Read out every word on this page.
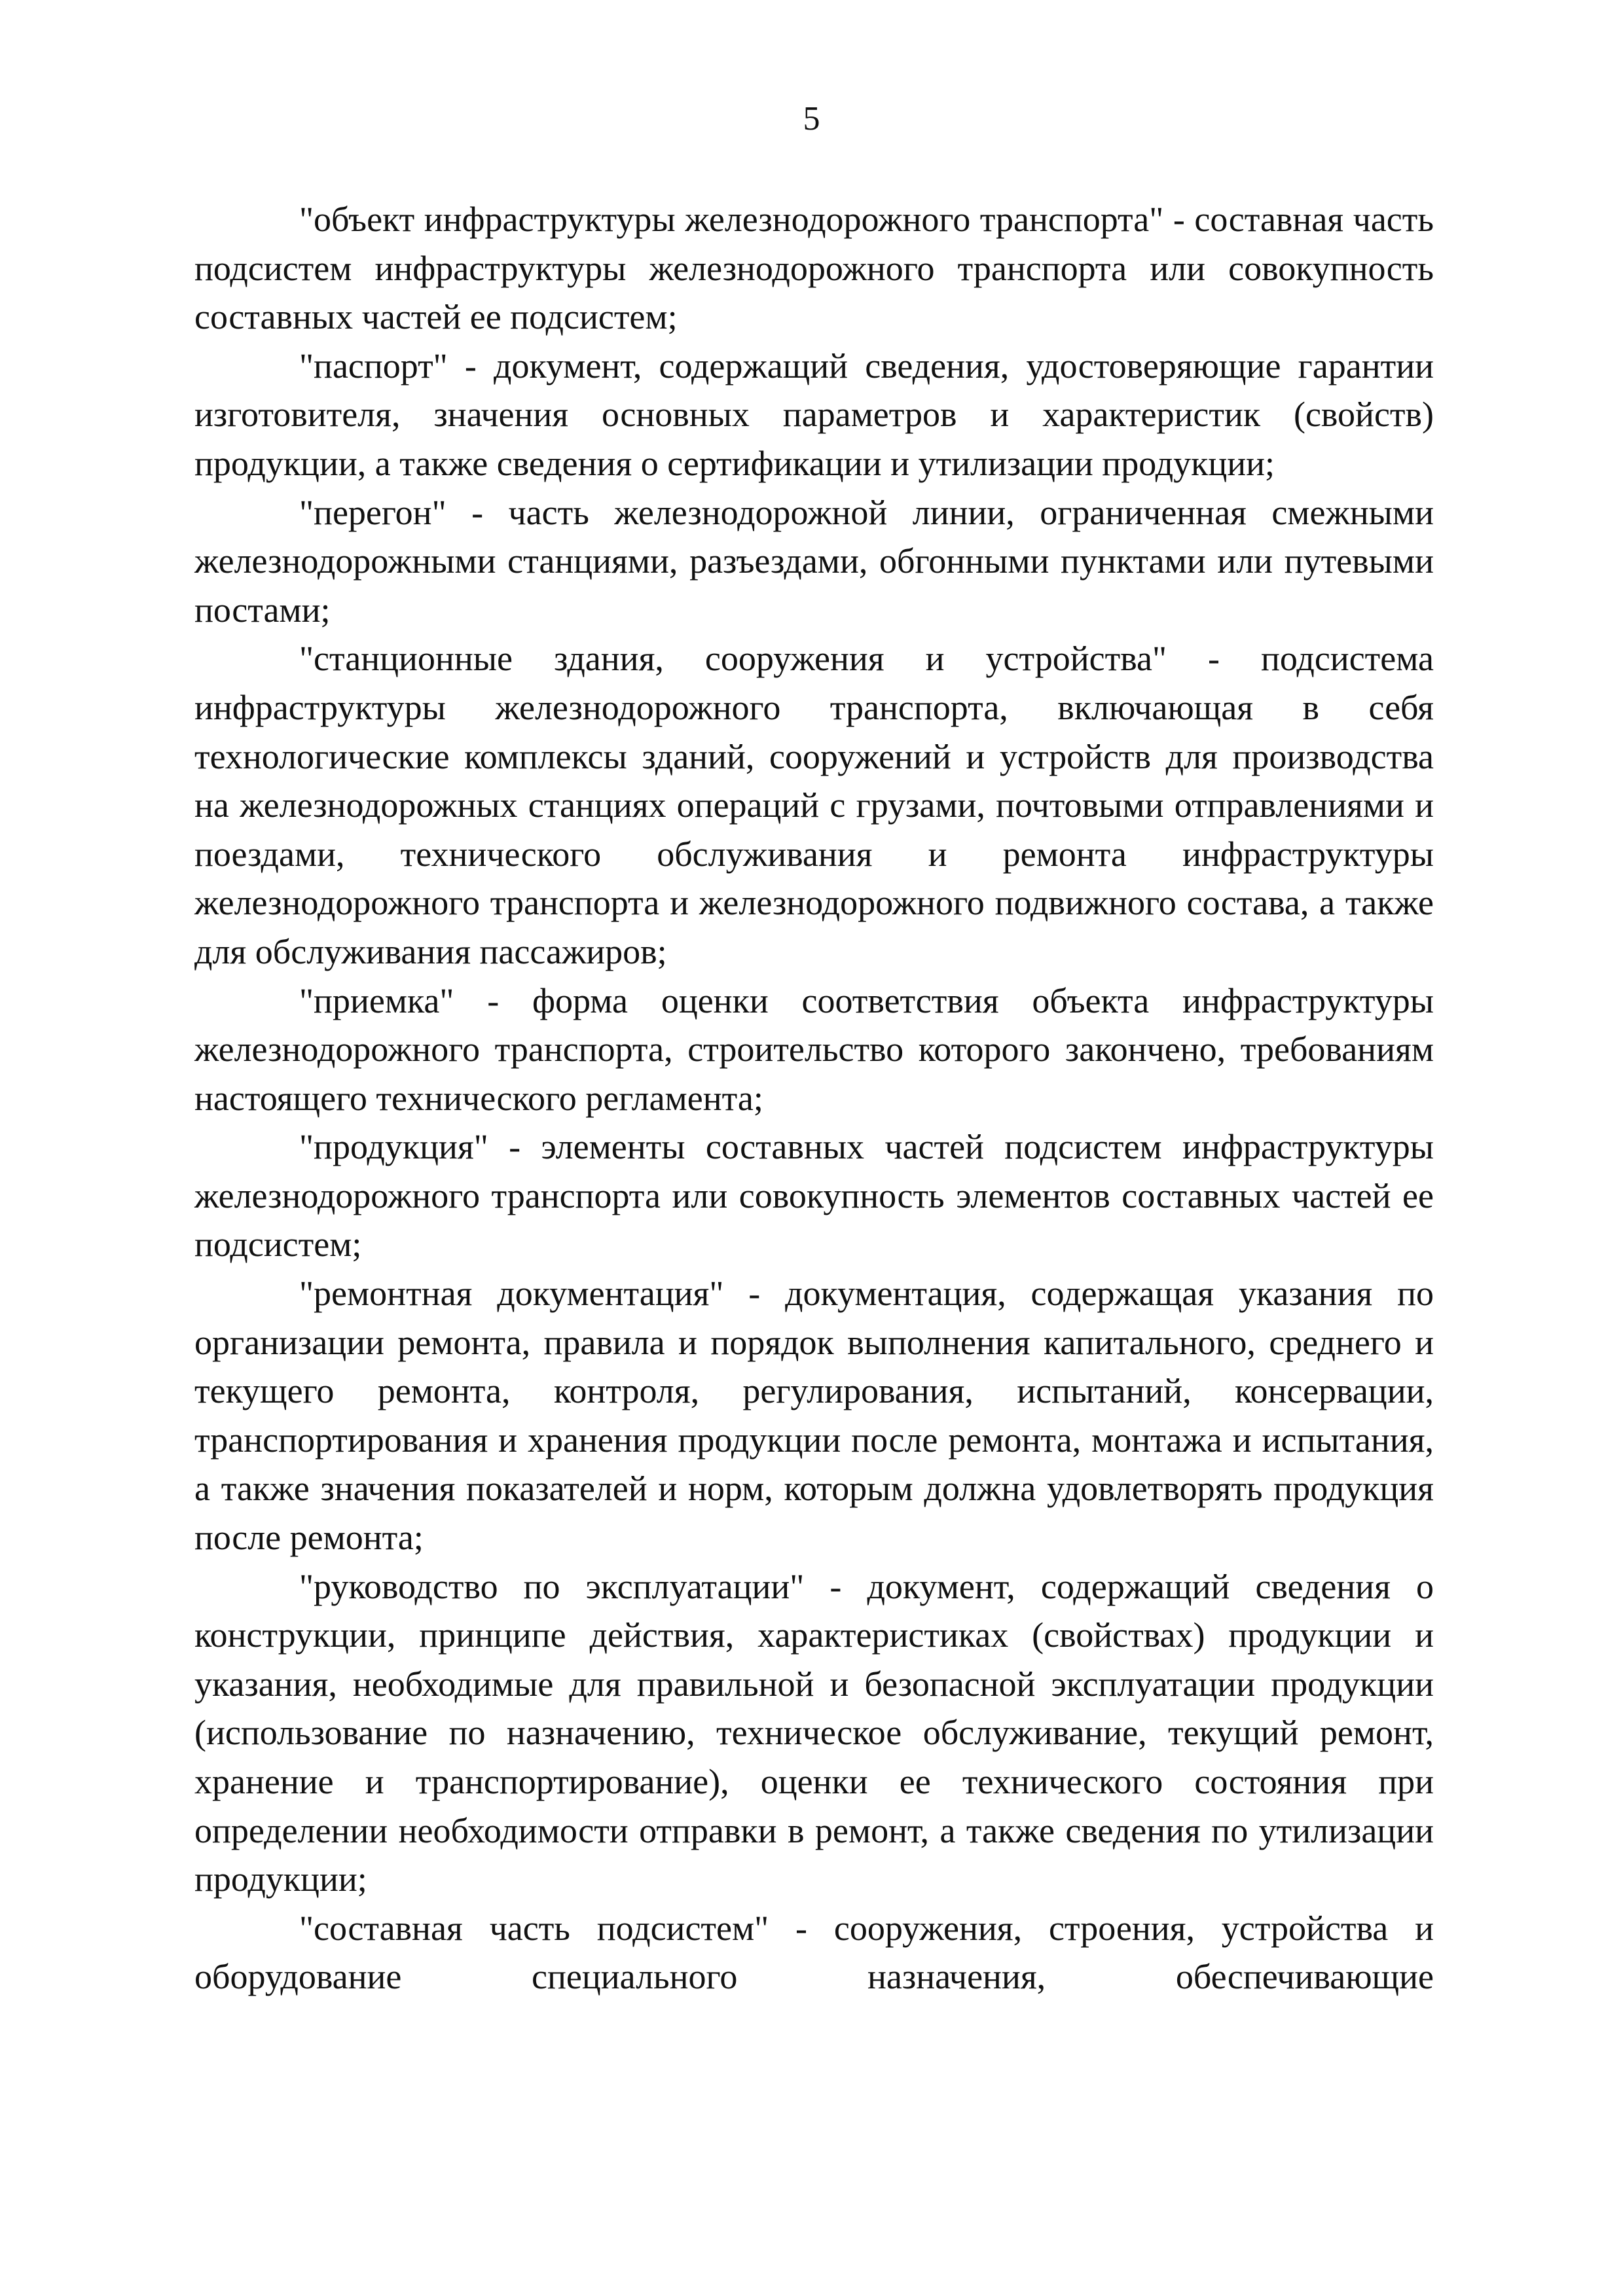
5

"объект инфраструктуры железнодорожного транспорта" - составная часть подсистем инфраструктуры железнодорожного транспорта или совокупность составных частей ее подсистем;

"паспорт" - документ, содержащий сведения, удостоверяющие гарантии изготовителя, значения основных параметров и характеристик (свойств) продукции, а также сведения о сертификации и утилизации продукции;

"перегон" - часть железнодорожной линии, ограниченная смежными железнодорожными станциями, разъездами, обгонными пунктами или путевыми постами;

"станционные здания, сооружения и устройства" - подсистема инфраструктуры железнодорожного транспорта, включающая в себя технологические комплексы зданий, сооружений и устройств для производства на железнодорожных станциях операций с грузами, почтовыми отправлениями и поездами, технического обслуживания и ремонта инфраструктуры железнодорожного транспорта и железнодорожного подвижного состава, а также для обслуживания пассажиров;

"приемка" - форма оценки соответствия объекта инфраструктуры железнодорожного транспорта, строительство которого закончено, требованиям настоящего технического регламента;

"продукция" - элементы составных частей подсистем инфраструктуры железнодорожного транспорта или совокупность элементов составных частей ее подсистем;

"ремонтная документация" - документация, содержащая указания по организации ремонта, правила и порядок выполнения капитального, среднего и текущего ремонта, контроля, регулирования, испытаний, консервации, транспортирования и хранения продукции после ремонта, монтажа и испытания, а также значения показателей и норм, которым должна удовлетворять продукция после ремонта;

"руководство по эксплуатации" - документ, содержащий сведения о конструкции, принципе действия, характеристиках (свойствах) продукции и указания, необходимые для правильной и безопасной эксплуатации продукции (использование по назначению, техническое обслуживание, текущий ремонт, хранение и транспортирование), оценки ее технического состояния при определении необходимости отправки в ремонт, а также сведения по утилизации продукции;

"составная часть подсистем" - сооружения, строения, устройства и оборудование специального назначения, обеспечивающие
